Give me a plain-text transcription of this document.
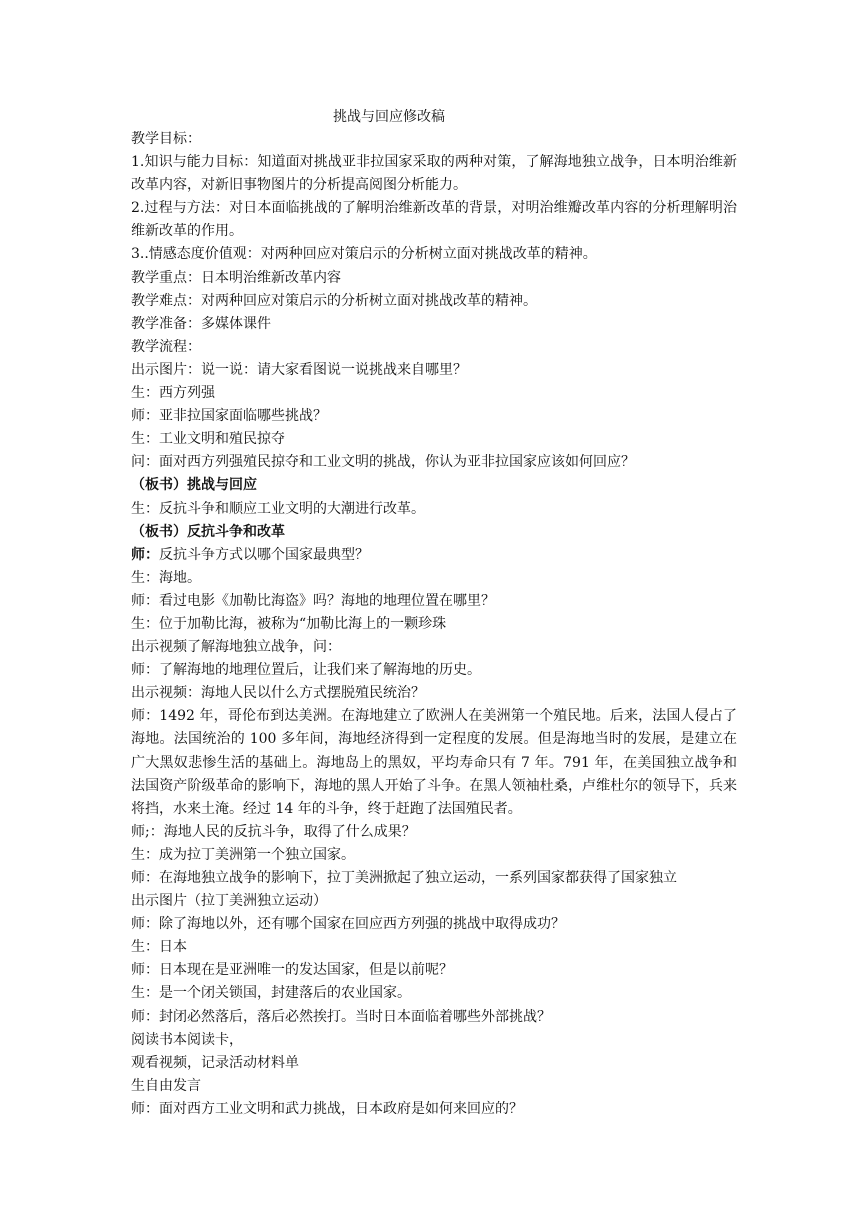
挑战与回应修改稿

教学目标：

1.知识与能力目标：知道面对挑战亚非拉国家采取的两种对策，了解海地独立战争，日本明治维新改革内容，对新旧事物图片的分析提高阅图分析能力。

2.过程与方法：对日本面临挑战的了解明治维新改革的背景，对明治维瓣改革内容的分析理解明治维新改革的作用。

3..情感态度价值观：对两种回应对策启示的分析树立面对挑战改革的精神。

教学重点：日本明治维新改革内容

教学难点：对两种回应对策启示的分析树立面对挑战改革的精神。

教学准备：多媒体课件

教学流程：

出示图片：说一说：请大家看图说一说挑战来自哪里？

生：西方列强

师：亚非拉国家面临哪些挑战？

生：工业文明和殖民掠夺

问：面对西方列强殖民掠夺和工业文明的挑战，你认为亚非拉国家应该如何回应？

（板书）挑战与回应

生：反抗斗争和顺应工业文明的大潮进行改革。

（板书）反抗斗争和改革

师：反抗斗争方式以哪个国家最典型？

生：海地。

师：看过电影《加勒比海盗》吗？海地的地理位置在哪里？

生：位于加勒比海，被称为“加勒比海上的一颗珍珠

出示视频了解海地独立战争，问：

师：了解海地的地理位置后，让我们来了解海地的历史。

出示视频：海地人民以什么方式摆脱殖民统治？

师：1492 年，哥伦布到达美洲。在海地建立了欧洲人在美洲第一个殖民地。后来，法国人侵占了海地。法国统治的 100 多年间，海地经济得到一定程度的发展。但是海地当时的发展，是建立在广大黑奴悲惨生活的基础上。海地岛上的黑奴，平均寿命只有 7 年。791 年，在美国独立战争和法国资产阶级革命的影响下，海地的黑人开始了斗争。在黑人领袖杜桑，卢维杜尔的领导下，兵来将挡，水来土淹。经过 14 年的斗争，终于赶跑了法国殖民者。

师;：海地人民的反抗斗争，取得了什么成果？

生：成为拉丁美洲第一个独立国家。

师：在海地独立战争的影响下，拉丁美洲掀起了独立运动，一系列国家都获得了国家独立

出示图片（拉丁美洲独立运动）

师：除了海地以外，还有哪个国家在回应西方列强的挑战中取得成功？

生：日本

师：日本现在是亚洲唯一的发达国家，但是以前呢？

生：是一个闭关锁国，封建落后的农业国家。

师：封闭必然落后，落后必然挨打。当时日本面临着哪些外部挑战？

阅读书本阅读卡，

观看视频，记录活动材料单

生自由发言

师：面对西方工业文明和武力挑战，日本政府是如何来回应的？
